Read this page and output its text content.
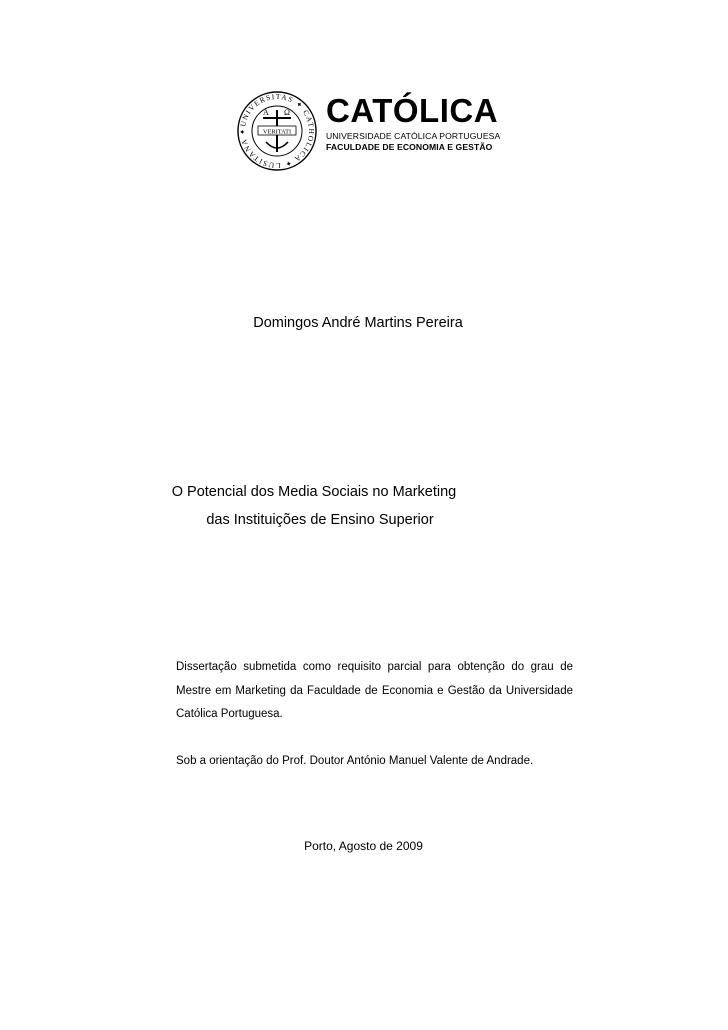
UNIVERSITAS ✦ CATHOLICA ✦ LUSITANA ✦
A Ω
VERITATI
CATÓLICA
UNIVERSIDADE CATÓLICA PORTUGUESA
FACULDADE DE ECONOMIA E GESTÃO
Domingos André Martins Pereira
O Potencial dos Media Sociais no Marketing
das Instituições de Ensino Superior
Dissertação submetida como requisito parcial para obtenção do grau de Mestre em Marketing da Faculdade de Economia e Gestão da Universidade Católica Portuguesa.
Sob a orientação do Prof. Doutor António Manuel Valente de Andrade.
Porto, Agosto de 2009
